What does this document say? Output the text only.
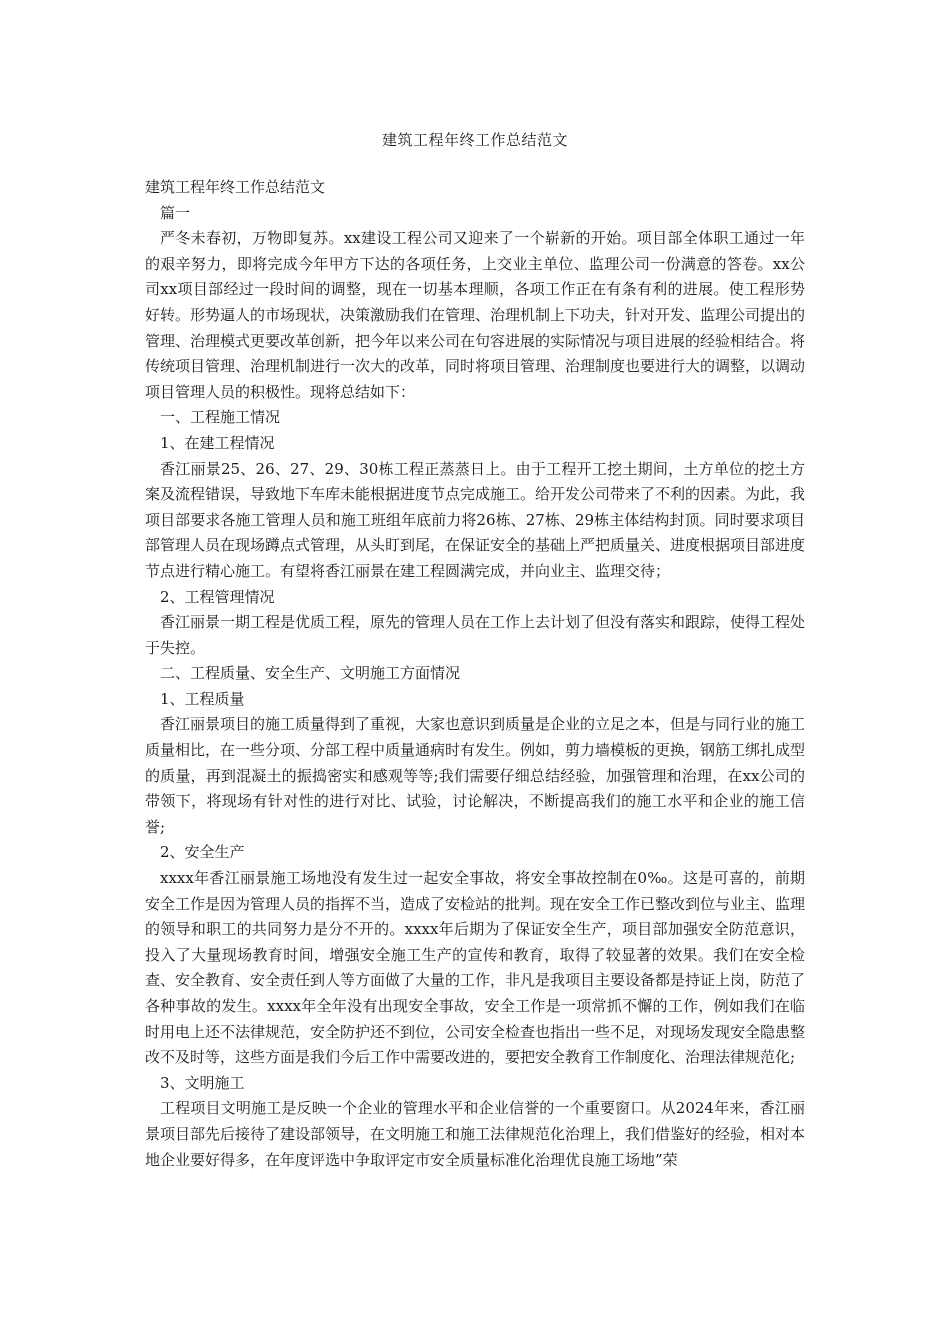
建筑工程年终工作总结范文

建筑工程年终工作总结范文

篇一

严冬未春初，万物即复苏。xx建设工程公司又迎来了一个崭新的开始。项目部全体职工通过一年的艰辛努力，即将完成今年甲方下达的各项任务，上交业主单位、监理公司一份满意的答卷。xx公司xx项目部经过一段时间的调整，现在一切基本理顺，各项工作正在有条有利的进展。使工程形势好转。形势逼人的市场现状，决策激励我们在管理、治理机制上下功夫，针对开发、监理公司提出的管理、治理模式更要改革创新，把今年以来公司在句容进展的实际情况与项目进展的经验相结合。将传统项目管理、治理机制进行一次大的改革，同时将项目管理、治理制度也要进行大的调整，以调动项目管理人员的积极性。现将总结如下：

一、工程施工情况

1、在建工程情况

香江丽景25、26、27、29、30栋工程正蒸蒸日上。由于工程开工挖土期间，土方单位的挖土方案及流程错误，导致地下车库未能根据进度节点完成施工。给开发公司带来了不利的因素。为此，我项目部要求各施工管理人员和施工班组年底前力将26栋、27栋、29栋主体结构封顶。同时要求项目部管理人员在现场蹲点式管理，从头盯到尾，在保证安全的基础上严把质量关、进度根据项目部进度节点进行精心施工。有望将香江丽景在建工程圆满完成，并向业主、监理交待；

2、工程管理情况

香江丽景一期工程是优质工程，原先的管理人员在工作上去计划了但没有落实和跟踪，使得工程处于失控。

二、工程质量、安全生产、文明施工方面情况

1、工程质量

香江丽景项目的施工质量得到了重视，大家也意识到质量是企业的立足之本，但是与同行业的施工质量相比，在一些分项、分部工程中质量通病时有发生。例如，剪力墙模板的更换，钢筋工绑扎成型的质量，再到混凝土的振捣密实和感观等等;我们需要仔细总结经验，加强管理和治理，在xx公司的带领下，将现场有针对性的进行对比、试验，讨论解决，不断提高我们的施工水平和企业的施工信誉;

2、安全生产

xxxx年香江丽景施工场地没有发生过一起安全事故，将安全事故控制在0‰。这是可喜的，前期安全工作是因为管理人员的指挥不当，造成了安检站的批判。现在安全工作已整改到位与业主、监理的领导和职工的共同努力是分不开的。xxxx年后期为了保证安全生产，项目部加强安全防范意识，投入了大量现场教育时间，增强安全施工生产的宣传和教育，取得了较显著的效果。我们在安全检查、安全教育、安全责任到人等方面做了大量的工作，非凡是我项目主要设备都是持证上岗，防范了各种事故的发生。xxxx年全年没有出现安全事故，安全工作是一项常抓不懈的工作，例如我们在临时用电上还不法律规范，安全防护还不到位，公司安全检查也指出一些不足，对现场发现安全隐患整改不及时等，这些方面是我们今后工作中需要改进的，要把安全教育工作制度化、治理法律规范化;

3、文明施工

工程项目文明施工是反映一个企业的管理水平和企业信誉的一个重要窗口。从2024年来，香江丽景项目部先后接待了建设部领导，在文明施工和施工法律规范化治理上，我们借鉴好的经验，相对本地企业要好得多，在年度评选中争取评定市安全质量标准化治理优良施工场地”荣
